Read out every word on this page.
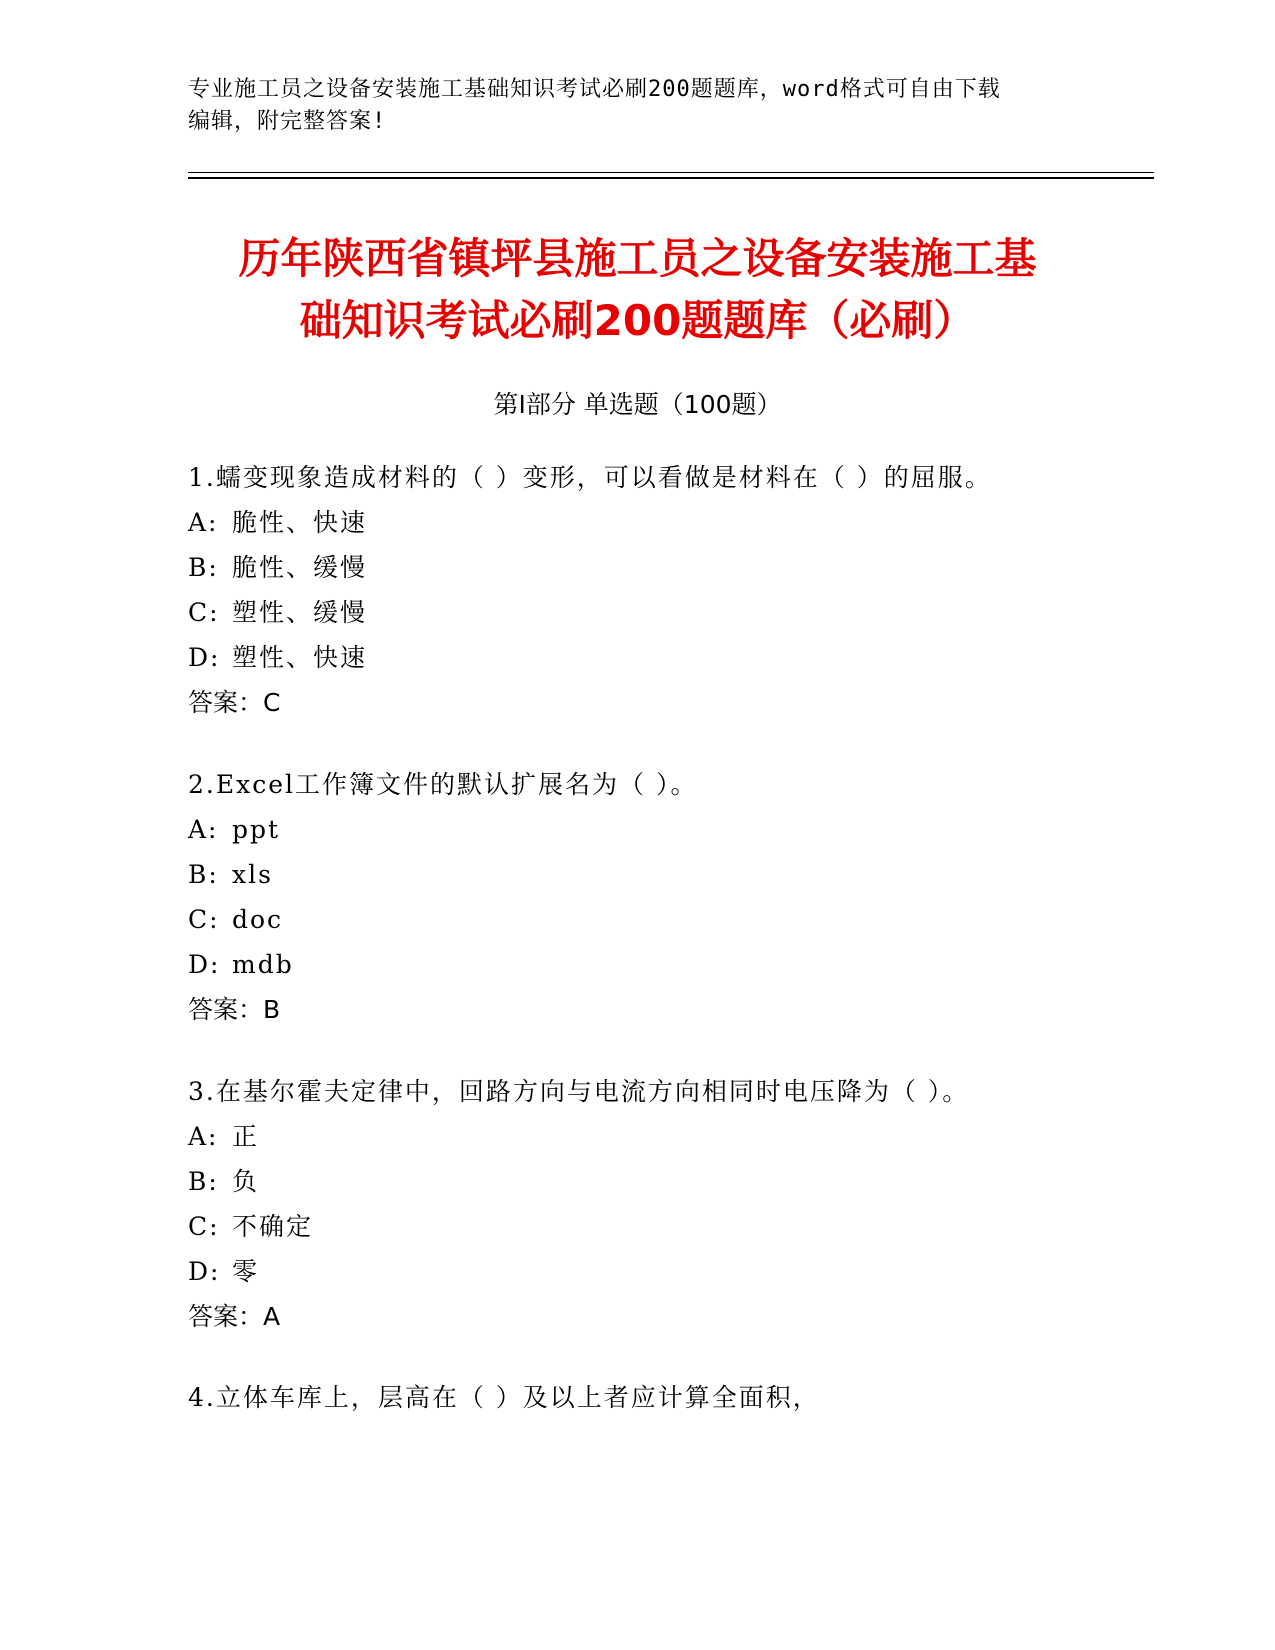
专业施工员之设备安装施工基础知识考试必刷200题题库，word格式可自由下载
编辑，附完整答案!
历年陕西省镇坪县施工员之设备安装施工基
础知识考试必刷200题题库（必刷）
第Ⅰ部分 单选题（100题）
1.蠕变现象造成材料的（ ）变形，可以看做是材料在（ ）的屈服。
A: 脆性、快速
B: 脆性、缓慢
C: 塑性、缓慢
D: 塑性、快速
答案：C
2.Excel工作簿文件的默认扩展名为（ ）。
A: ppt
B: xls
C: doc
D: mdb
答案：B
3.在基尔霍夫定律中，回路方向与电流方向相同时电压降为（ ）。
A: 正
B: 负
C: 不确定
D: 零
答案：A
4.立体车库上，层高在（ ）及以上者应计算全面积，
